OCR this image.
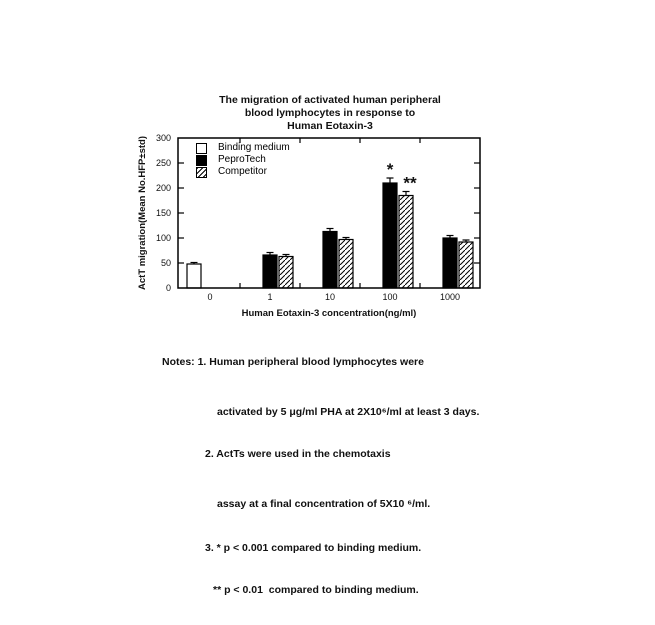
The migration of activated human peripheral
blood lymphocytes in response to
Human Eotaxin-3
0
50
100
150
200
250
300
0	1	10	100	1000
Human Eotaxin-3 concentration(ng/ml)
ActT migration(Mean No.HFP±std)	*
**
Binding medium
PeproTech
Competitor

Notes: 1. Human peripheral blood lymphocytes were

activated by 5 μg/ml PHA at 2X10⁶/ml at least 3 days.

2. ActTs were used in the chemotaxis

assay at a final concentration of 5X10 ⁶/ml.

3. * p < 0.001 compared to binding medium.

** p < 0.01  compared to binding medium.
